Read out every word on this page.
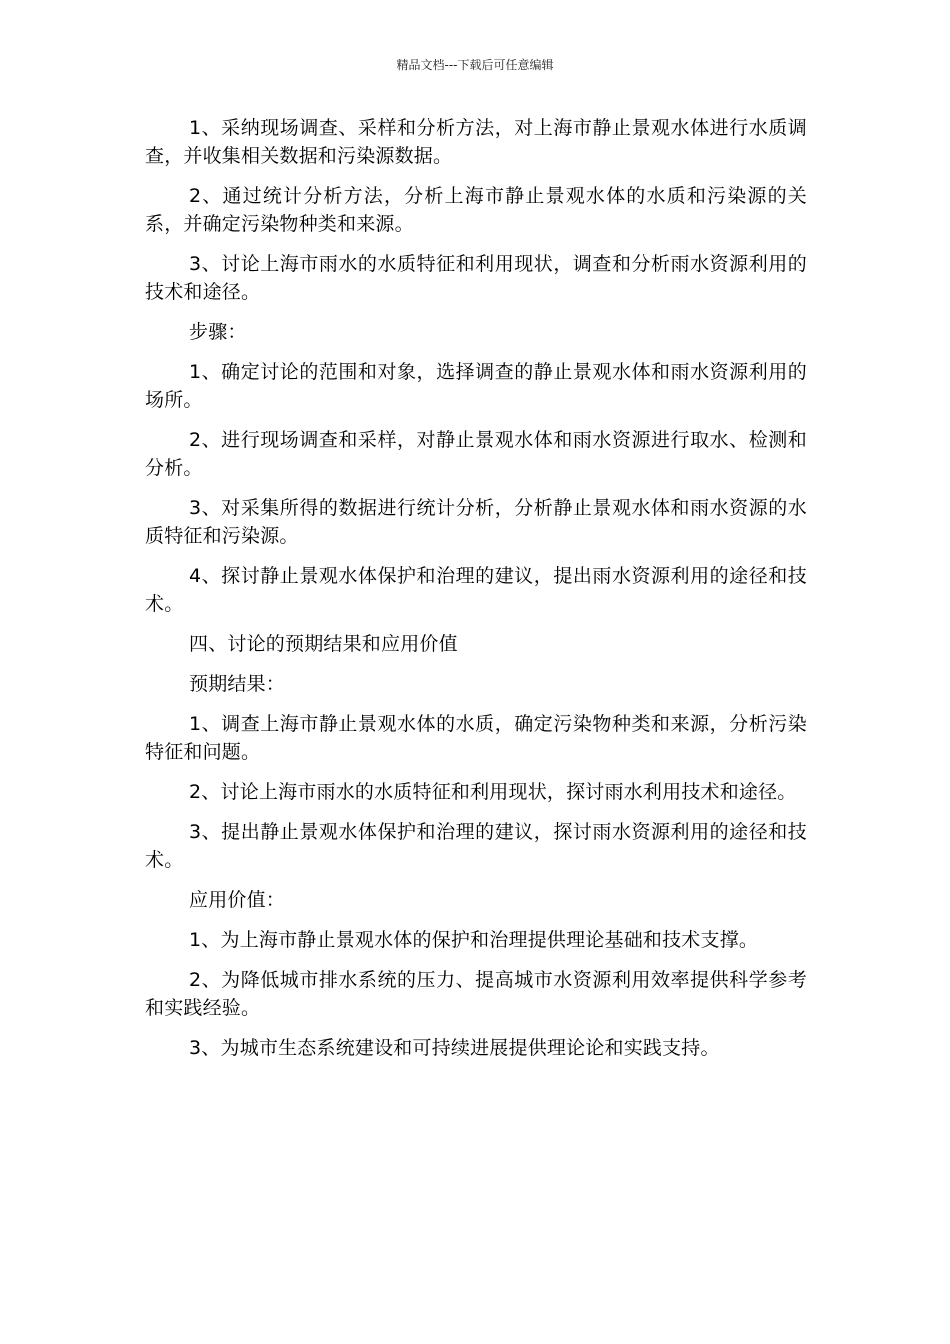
精品文档---下载后可任意编辑

1、采纳现场调查、采样和分析方法，对上海市静止景观水体进行水质调查，并收集相关数据和污染源数据。

2、通过统计分析方法，分析上海市静止景观水体的水质和污染源的关系，并确定污染物种类和来源。

3、讨论上海市雨水的水质特征和利用现状，调查和分析雨水资源利用的技术和途径。

步骤：

1、确定讨论的范围和对象，选择调查的静止景观水体和雨水资源利用的场所。

2、进行现场调查和采样，对静止景观水体和雨水资源进行取水、检测和分析。

3、对采集所得的数据进行统计分析，分析静止景观水体和雨水资源的水质特征和污染源。

4、探讨静止景观水体保护和治理的建议，提出雨水资源利用的途径和技术。

四、讨论的预期结果和应用价值

预期结果：

1、调查上海市静止景观水体的水质，确定污染物种类和来源，分析污染特征和问题。

2、讨论上海市雨水的水质特征和利用现状，探讨雨水利用技术和途径。

3、提出静止景观水体保护和治理的建议，探讨雨水资源利用的途径和技术。

应用价值：

1、为上海市静止景观水体的保护和治理提供理论基础和技术支撑。

2、为降低城市排水系统的压力、提高城市水资源利用效率提供科学参考和实践经验。

3、为城市生态系统建设和可持续进展提供理论论和实践支持。
